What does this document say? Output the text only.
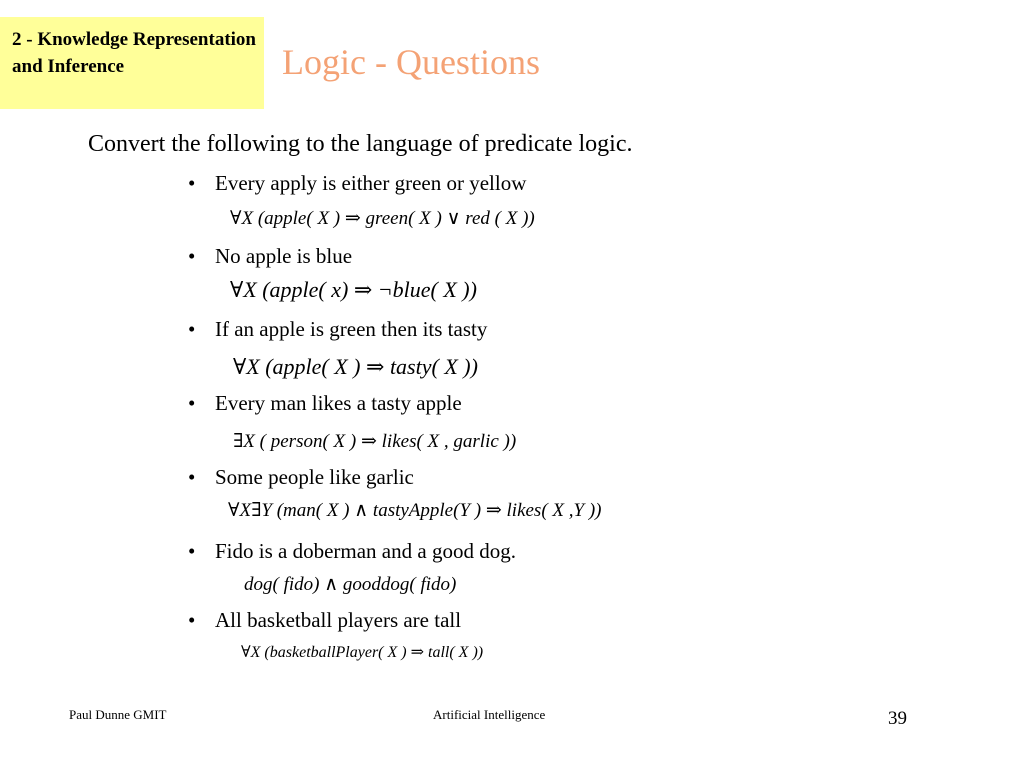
2 - Knowledge Representation and Inference	Logic - Questions
Convert the following to the language of predicate logic.
• Every apply is either green or yellow
∀X (apple( X ) ⇒ green( X ) ∨ red ( X ))
• No apple is blue
∀X (apple( x) ⇒ ¬blue( X ))
• If an apple is green then its tasty
∀X (apple( X ) ⇒ tasty( X ))
• Every man likes a tasty apple
∃X ( person( X ) ⇒ likes( X , garlic ))
• Some people like garlic
∀X∃Y (man( X ) ∧ tastyApple(Y ) ⇒ likes( X ,Y ))
• Fido is a doberman and a good dog.
dog( fido) ∧ gooddog( fido)
• All basketball players are tall
∀X (basketballPlayer( X ) ⇒ tall( X ))
Paul Dunne GMIT	Artificial Intelligence	39
